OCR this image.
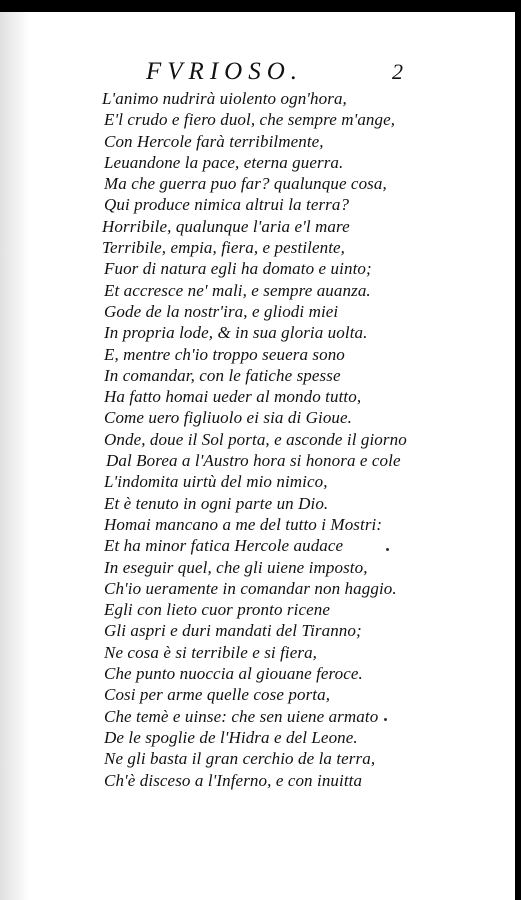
FVRIOSO.	2
L'animo nudrirà uiolento ogn'hora,
E'l crudo e fiero duol, che sempre m'ange,
Con Hercole farà terribilmente,
Leuandone la pace, eterna guerra.
Ma che guerra puo far? qualunque cosa,
Qui produce nimica altrui la terra?
Horribile, qualunque l'aria e'l mare
Terribile, empia, fiera, e pestilente,
Fuor di natura egli ha domato e uinto;
Et accresce ne' mali, e sempre auanza.
Gode de la nostr'ira, e gliodi miei
In propria lode, & in sua gloria uolta.
E, mentre ch'io troppo seuera sono
In comandar, con le fatiche spesse
Ha fatto homai ueder al mondo tutto,
Come uero figliuolo ei sia di Gioue.
Onde, doue il Sol porta, e asconde il giorno
Dal Borea a l'Austro hora si honora e cole
L'indomita uirtù del mio nimico,
Et è tenuto in ogni parte un Dio.
Homai mancano a me del tutto i Mostri:
Et ha minor fatica Hercole audace
In eseguir quel, che gli uiene imposto,
Ch'io ueramente in comandar non haggio.
Egli con lieto cuor pronto ricene
Gli aspri e duri mandati del Tiranno;
Ne cosa è si terribile e si fiera,
Che punto nuoccia al giouane feroce.
Cosi per arme quelle cose porta,
Che temè e uinse: che sen uiene armato
De le spoglie de l'Hidra e del Leone.
Ne gli basta il gran cerchio de la terra,
Ch'è disceso a l'Inferno, e con inuitta
